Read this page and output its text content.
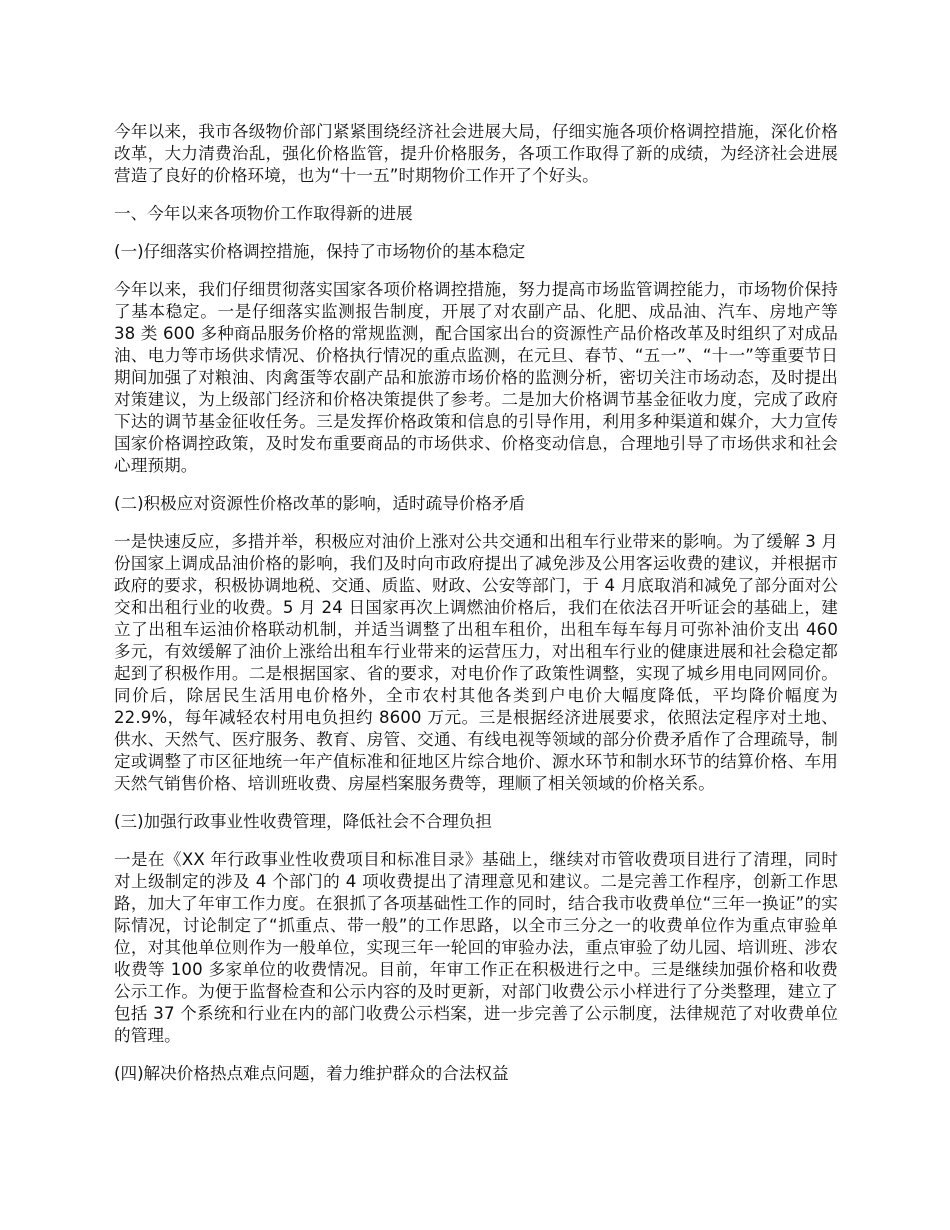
今年以来，我市各级物价部门紧紧围绕经济社会进展大局，仔细实施各项价格调控措施，深化价格改革，大力清费治乱，强化价格监管，提升价格服务，各项工作取得了新的成绩，为经济社会进展营造了良好的价格环境，也为“十一五”时期物价工作开了个好头。

一、今年以来各项物价工作取得新的进展

(一)仔细落实价格调控措施，保持了市场物价的基本稳定

今年以来，我们仔细贯彻落实国家各项价格调控措施，努力提高市场监管调控能力，市场物价保持了基本稳定。一是仔细落实监测报告制度，开展了对农副产品、化肥、成品油、汽车、房地产等 38 类 600 多种商品服务价格的常规监测，配合国家出台的资源性产品价格改革及时组织了对成品油、电力等市场供求情况、价格执行情况的重点监测，在元旦、春节、“五一”、“十一”等重要节日期间加强了对粮油、肉禽蛋等农副产品和旅游市场价格的监测分析，密切关注市场动态，及时提出对策建议，为上级部门经济和价格决策提供了参考。二是加大价格调节基金征收力度，完成了政府下达的调节基金征收任务。三是发挥价格政策和信息的引导作用，利用多种渠道和媒介，大力宣传国家价格调控政策，及时发布重要商品的市场供求、价格变动信息，合理地引导了市场供求和社会心理预期。

(二)积极应对资源性价格改革的影响，适时疏导价格矛盾

一是快速反应，多措并举，积极应对油价上涨对公共交通和出租车行业带来的影响。为了缓解 3 月份国家上调成品油价格的影响，我们及时向市政府提出了减免涉及公用客运收费的建议，并根据市政府的要求，积极协调地税、交通、质监、财政、公安等部门，于 4 月底取消和减免了部分面对公交和出租行业的收费。5 月 24 日国家再次上调燃油价格后，我们在依法召开听证会的基础上，建立了出租车运油价格联动机制，并适当调整了出租车租价，出租车每车每月可弥补油价支出 460 多元，有效缓解了油价上涨给出租车行业带来的运营压力，对出租车行业的健康进展和社会稳定都起到了积极作用。二是根据国家、省的要求，对电价作了政策性调整，实现了城乡用电同网同价。同价后，除居民生活用电价格外，全市农村其他各类到户电价大幅度降低，平均降价幅度为 22.9%，每年减轻农村用电负担约 8600 万元。三是根据经济进展要求，依照法定程序对土地、供水、天然气、医疗服务、教育、房管、交通、有线电视等领域的部分价费矛盾作了合理疏导，制定或调整了市区征地统一年产值标准和征地区片综合地价、源水环节和制水环节的结算价格、车用天然气销售价格、培训班收费、房屋档案服务费等，理顺了相关领域的价格关系。

(三)加强行政事业性收费管理，降低社会不合理负担

一是在《XX 年行政事业性收费项目和标准目录》基础上，继续对市管收费项目进行了清理，同时对上级制定的涉及 4 个部门的 4 项收费提出了清理意见和建议。二是完善工作程序，创新工作思路，加大了年审工作力度。在狠抓了各项基础性工作的同时，结合我市收费单位“三年一换证”的实际情况，讨论制定了“抓重点、带一般”的工作思路，以全市三分之一的收费单位作为重点审验单位，对其他单位则作为一般单位，实现三年一轮回的审验办法，重点审验了幼儿园、培训班、涉农收费等 100 多家单位的收费情况。目前，年审工作正在积极进行之中。三是继续加强价格和收费公示工作。为便于监督检查和公示内容的及时更新，对部门收费公示小样进行了分类整理，建立了包括 37 个系统和行业在内的部门收费公示档案，进一步完善了公示制度，法律规范了对收费单位的管理。

(四)解决价格热点难点问题，着力维护群众的合法权益
